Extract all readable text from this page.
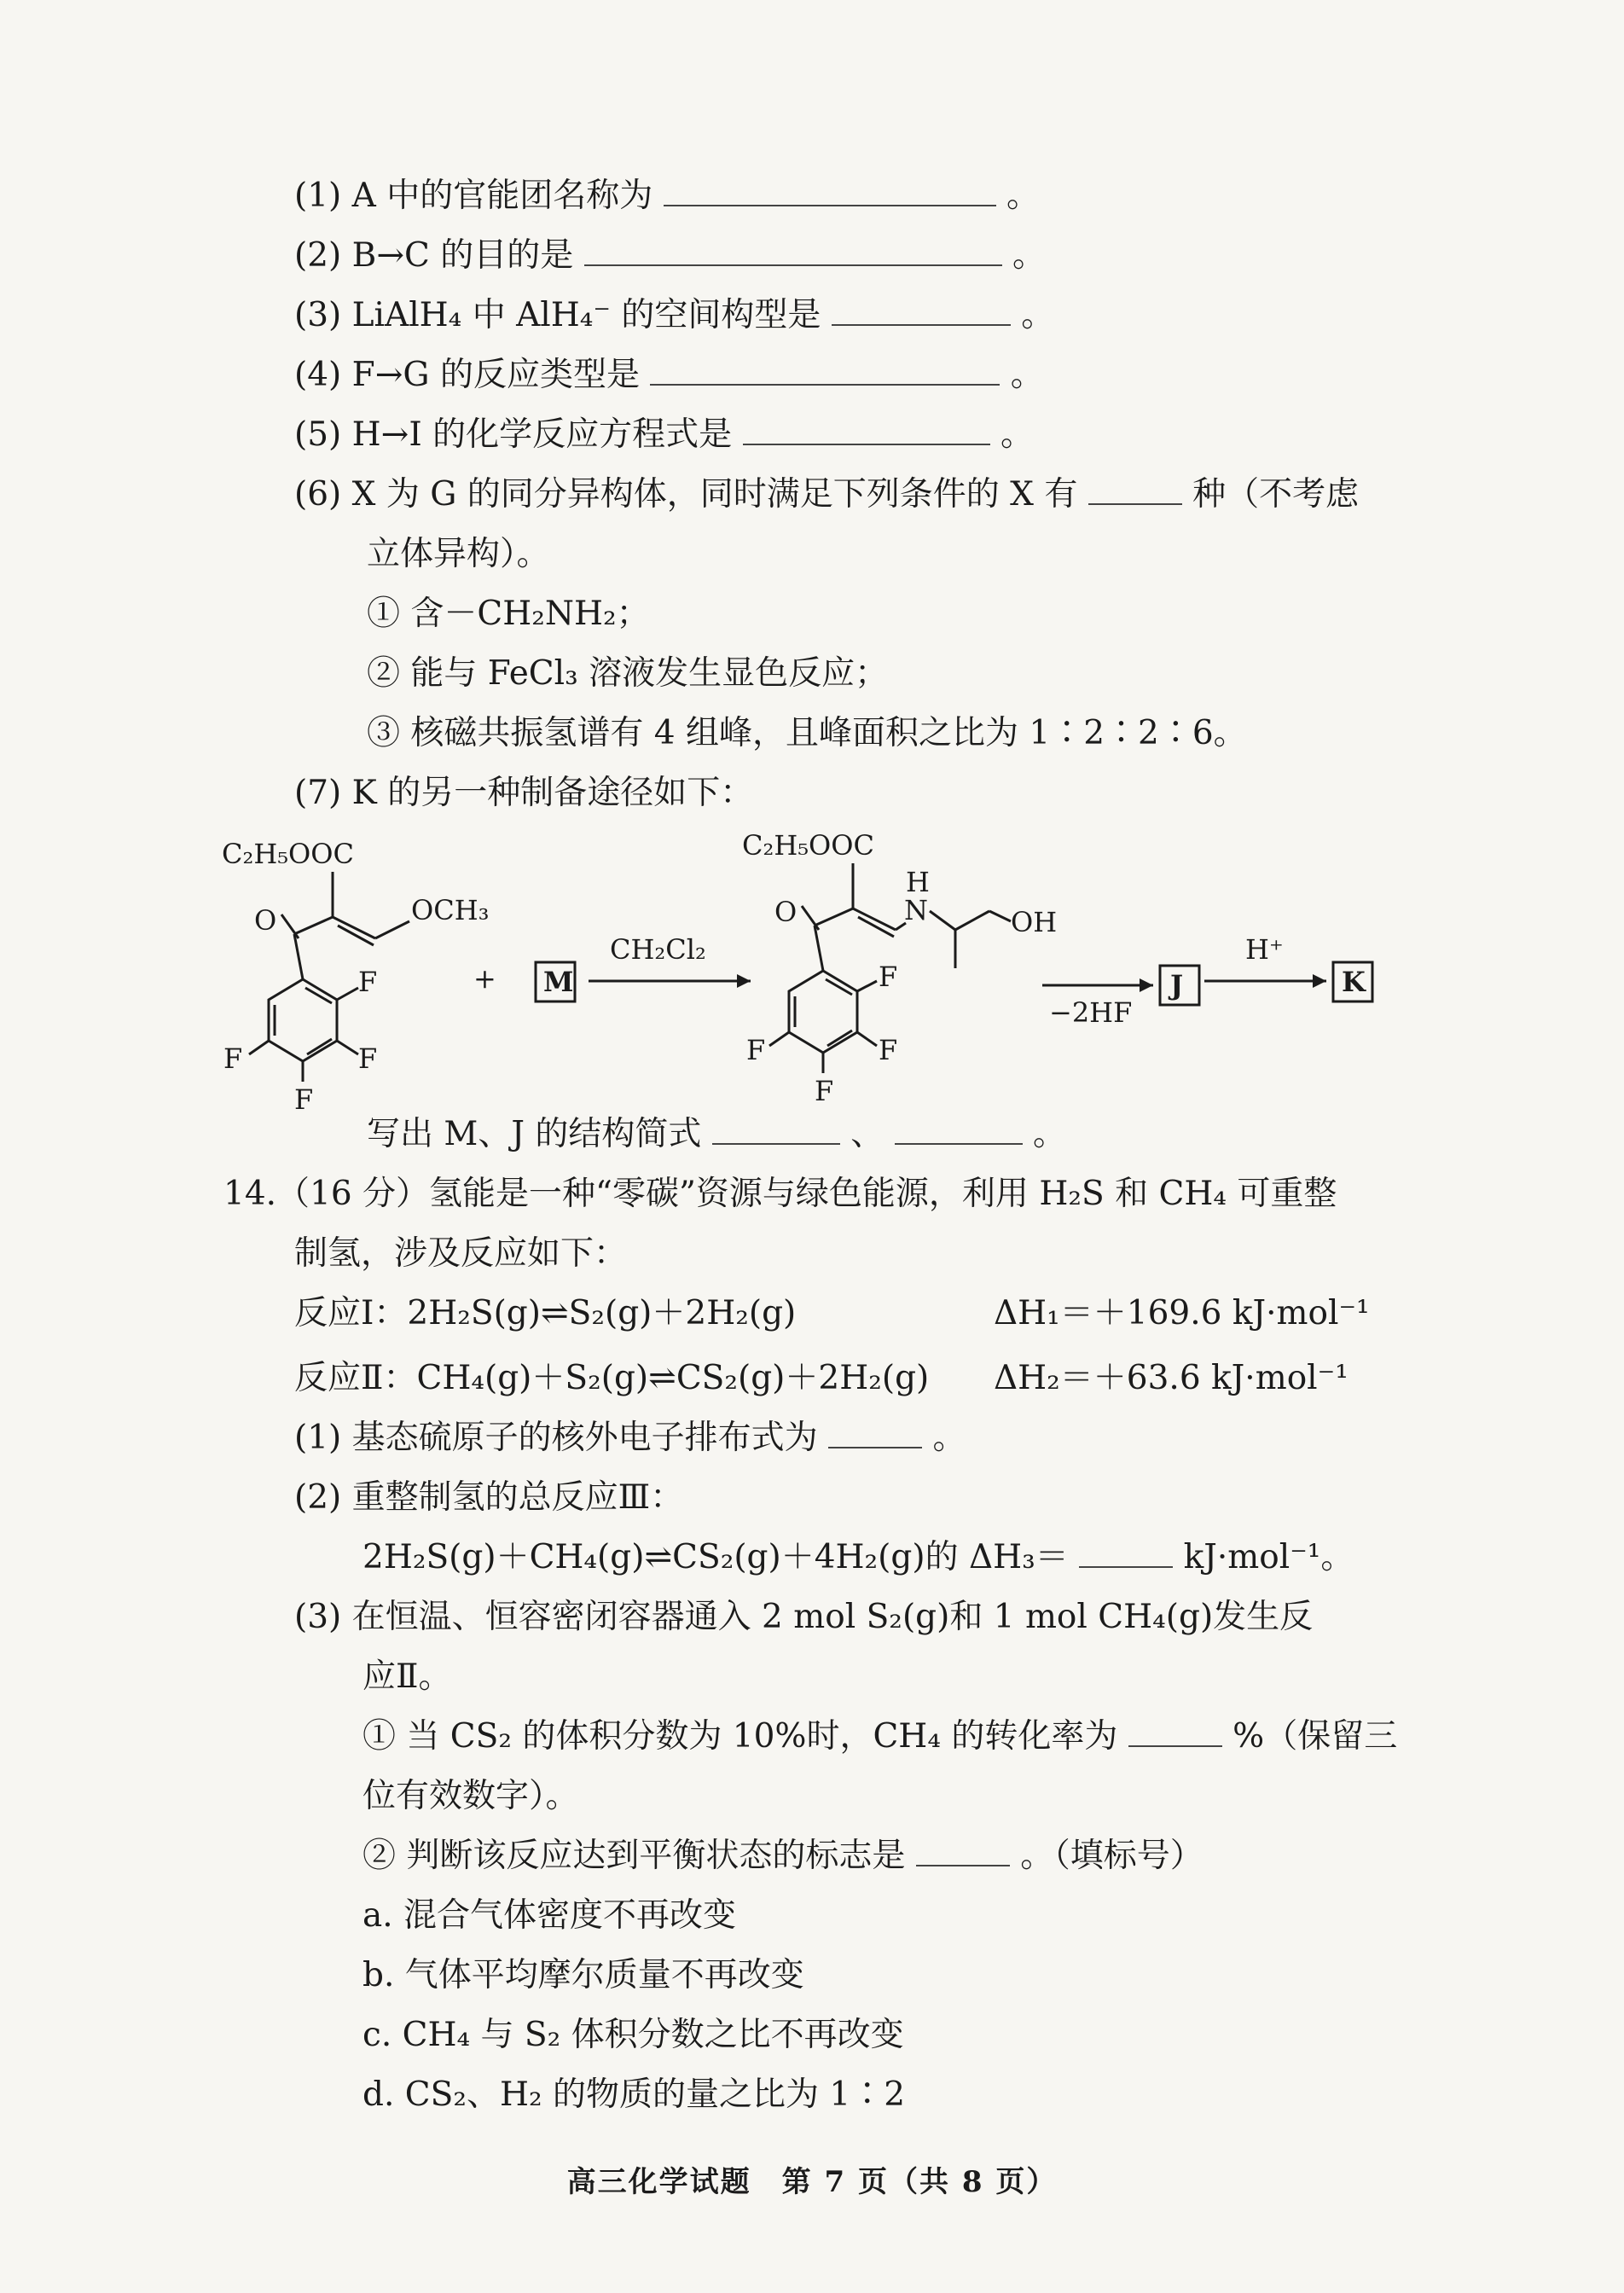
(1) A 中的官能团名称为	。
(2) B→C 的目的是	。
(3) LiAlH₄ 中 AlH₄⁻ 的空间构型是	。
(4) F→G 的反应类型是	。
(5) H→I 的化学反应方程式是	。
(6) X 为 G 的同分异构体，同时满足下列条件的 X 有	种（不考虑
立体异构）。
① 含－CH₂NH₂；
② 能与 FeCl₃ 溶液发生显色反应；
③ 核磁共振氢谱有 4 组峰，且峰面积之比为 1∶2∶2∶6。
(7) K 的另一种制备途径如下：
C₂H₅OOC
O	OCH₃
F
F
F
F
+ M
CH₂Cl₂
C₂H₅OOC
H
N	OH
O
F
F
F
F
−2HF
J
H⁺
K
写出 M、J 的结构简式	、	。
14.（16 分）氢能是一种“零碳”资源与绿色能源，利用 H₂S 和 CH₄ 可重整
制氢，涉及反应如下：
反应Ⅰ：2H₂S(g)⇌S₂(g)＋2H₂(g)	ΔH₁＝＋169.6 kJ·mol⁻¹
反应Ⅱ：CH₄(g)＋S₂(g)⇌CS₂(g)＋2H₂(g) ΔH₂＝＋63.6 kJ·mol⁻¹
(1) 基态硫原子的核外电子排布式为	。
(2) 重整制氢的总反应Ⅲ：
2H₂S(g)＋CH₄(g)⇌CS₂(g)＋4H₂(g)的 ΔH₃＝	kJ·mol⁻¹。
(3) 在恒温、恒容密闭容器通入 2 mol S₂(g)和 1 mol CH₄(g)发生反
应Ⅱ。
① 当 CS₂ 的体积分数为 10%时，CH₄ 的转化率为	%（保留三
位有效数字）。
② 判断该反应达到平衡状态的标志是	。（填标号）
a. 混合气体密度不再改变
b. 气体平均摩尔质量不再改变
c. CH₄ 与 S₂ 体积分数之比不再改变
d. CS₂、H₂ 的物质的量之比为 1∶2
高三化学试题　第 7 页（共 8 页）
